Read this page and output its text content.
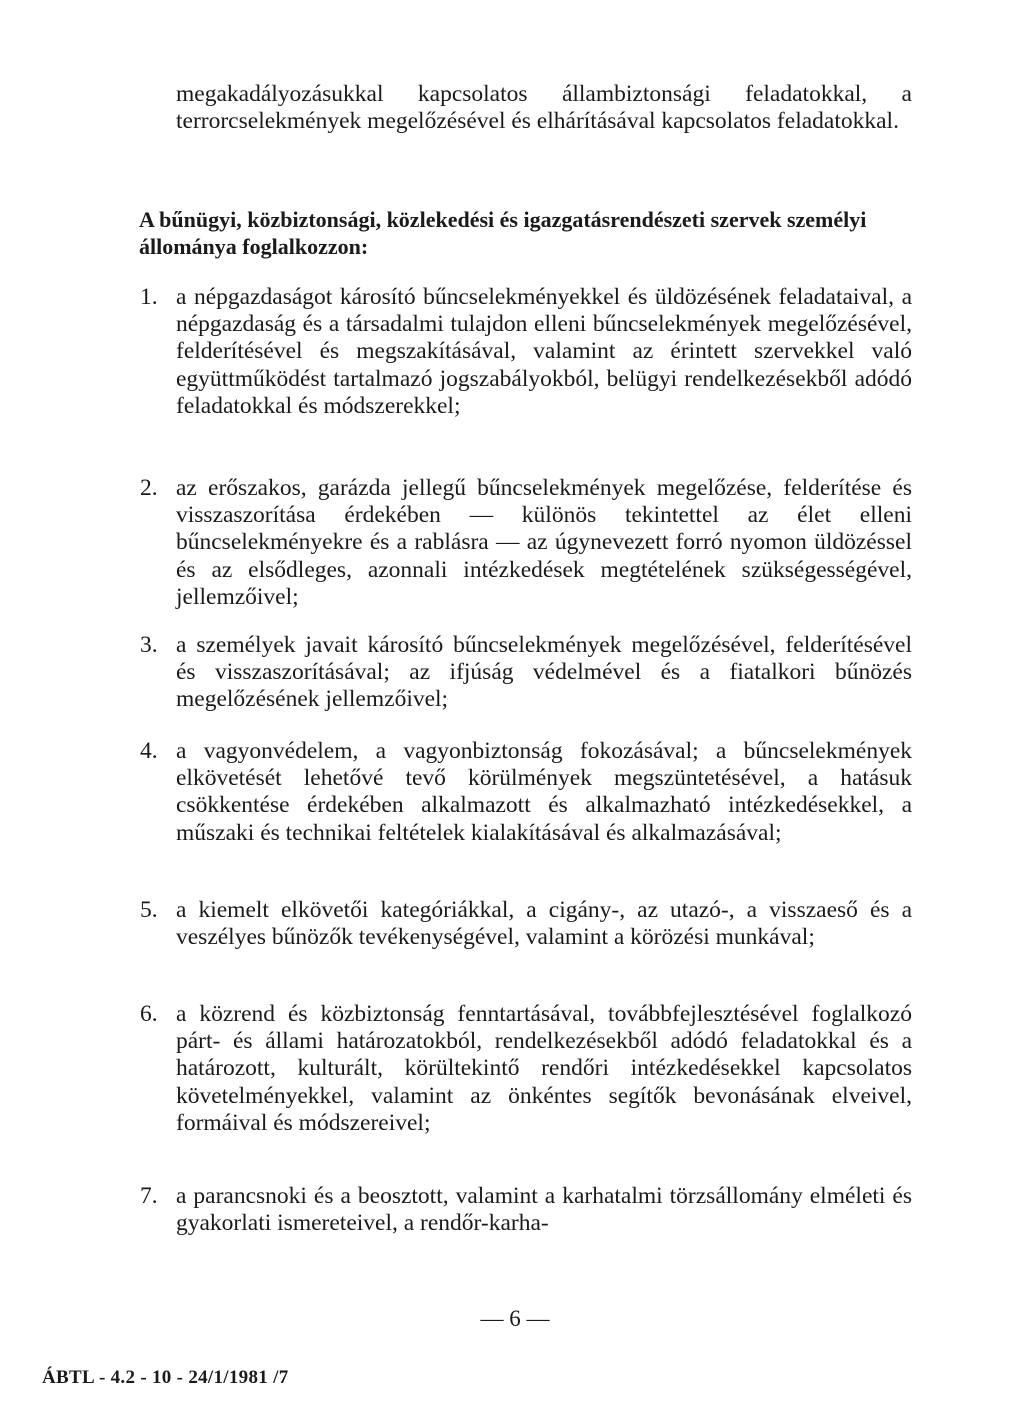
megakadályozásukkal kapcsolatos állambiztonsági feladatokkal, a terrorcselekmények megelőzésével és elhárításával kapcsolatos feladatokkal.

A bűnügyi, közbiztonsági, közlekedési és igazgatásrendészeti szervek személyi állománya foglalkozzon:

1. a népgazdaságot károsító bűncselekményekkel és üldözésének feladataival, a népgazdaság és a társadalmi tulajdon elleni bűncselekmények megelőzésével, felderítésével és megszakításával, valamint az érintett szervekkel való együttműködést tartalmazó jogszabályokból, belügyi rendelkezésekből adódó feladatokkal és módszerekkel;

2. az erőszakos, garázda jellegű bűncselekmények megelőzése, felderítése és visszaszorítása érdekében — különös tekintettel az élet elleni bűncselekményekre és a rablásra — az úgynevezett forró nyomon üldözéssel és az elsődleges, azonnali intézkedések megtételének szükségességével, jellemzőivel;

3. a személyek javait károsító bűncselekmények megelőzésével, felderítésével és visszaszorításával; az ifjúság védelmével és a fiatalkori bűnözés megelőzésének jellemzőivel;

4. a vagyonvédelem, a vagyonbiztonság fokozásával; a bűncselekmények elkövetését lehetővé tevő körülmények megszüntetésével, a hatásuk csökkentése érdekében alkalmazott és alkalmazható intézkedésekkel, a műszaki és technikai feltételek kialakításával és alkalmazásával;

5. a kiemelt elkövetői kategóriákkal, a cigány-, az utazó-, a visszaeső és a veszélyes bűnözők tevékenységével, valamint a körözési munkával;

6. a közrend és közbiztonság fenntartásával, továbbfejlesztésével foglalkozó párt- és állami határozatokból, rendelkezésekből adódó feladatokkal és a határozott, kulturált, körültekintő rendőri intézkedésekkel kapcsolatos követelményekkel, valamint az önkéntes segítők bevonásának elveivel, formáival és módszereivel;

7. a parancsnoki és a beosztott, valamint a karhatalmi törzsállomány elméleti és gyakorlati ismereteivel, a rendőr-karha-

— 6 —
ÁBTL - 4.2 - 10 - 24/1/1981 /7
